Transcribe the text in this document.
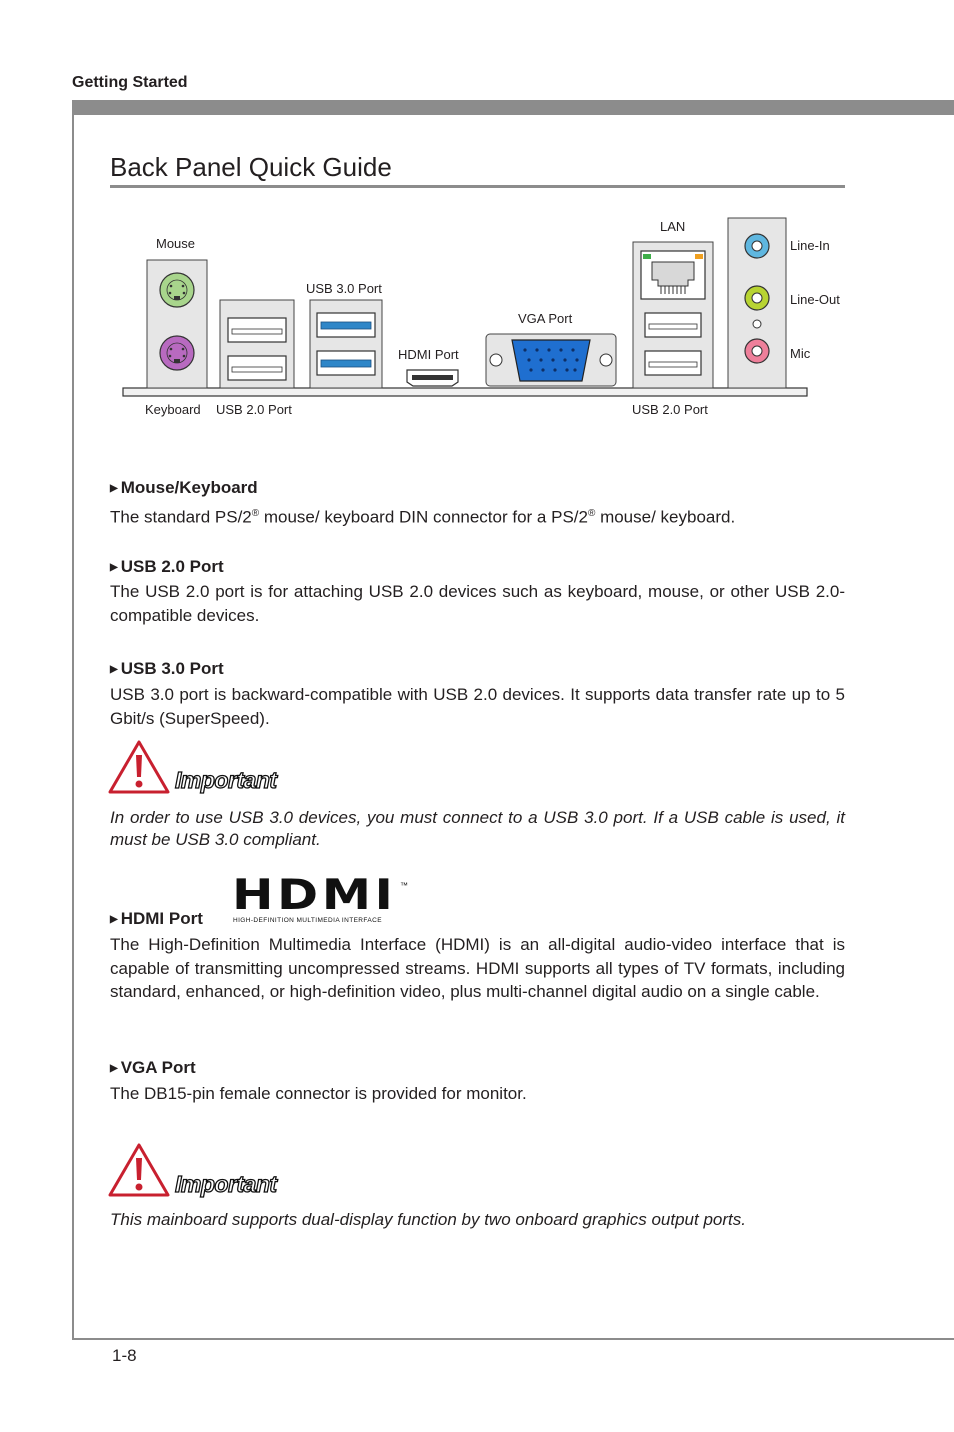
Getting Started
1-8
Back Panel Quick Guide
Mouse
USB 3.0 Port
HDMI Port
VGA Port
LAN
Line-In
Line-Out
Mic
Keyboard USB 2.0 Port	USB 2.0 Port
▶ Mouse/Keyboard
The standard PS/2® mouse/ keyboard DIN connector for a PS/2® mouse/ keyboard.
▶ USB 2.0 Port
The USB 2.0 port is for attaching USB 2.0 devices such as keyboard, mouse, or other USB 2.0-compatible devices.
▶ USB 3.0 Port
USB 3.0 port is backward-compatible with USB 2.0 devices. It supports data transfer rate up to 5 Gbit/s (SuperSpeed).
Important
In order to use USB 3.0 devices, you must connect to a USB 3.0 port. If a USB cable is used, it must be USB 3.0 compliant.
▶ HDMI Port HDMI ™
HIGH-DEFINITION MULTIMEDIA INTERFACE
The High-Definition Multimedia Interface (HDMI) is an all-digital audio-video interface that is capable of transmitting uncompressed streams. HDMI supports all types of TV formats, including standard, enhanced, or high-definition video, plus multi-channel digital audio on a single cable.
▶ VGA Port
The DB15-pin female connector is provided for monitor.
Important
This mainboard supports dual-display function by two onboard graphics output ports.
